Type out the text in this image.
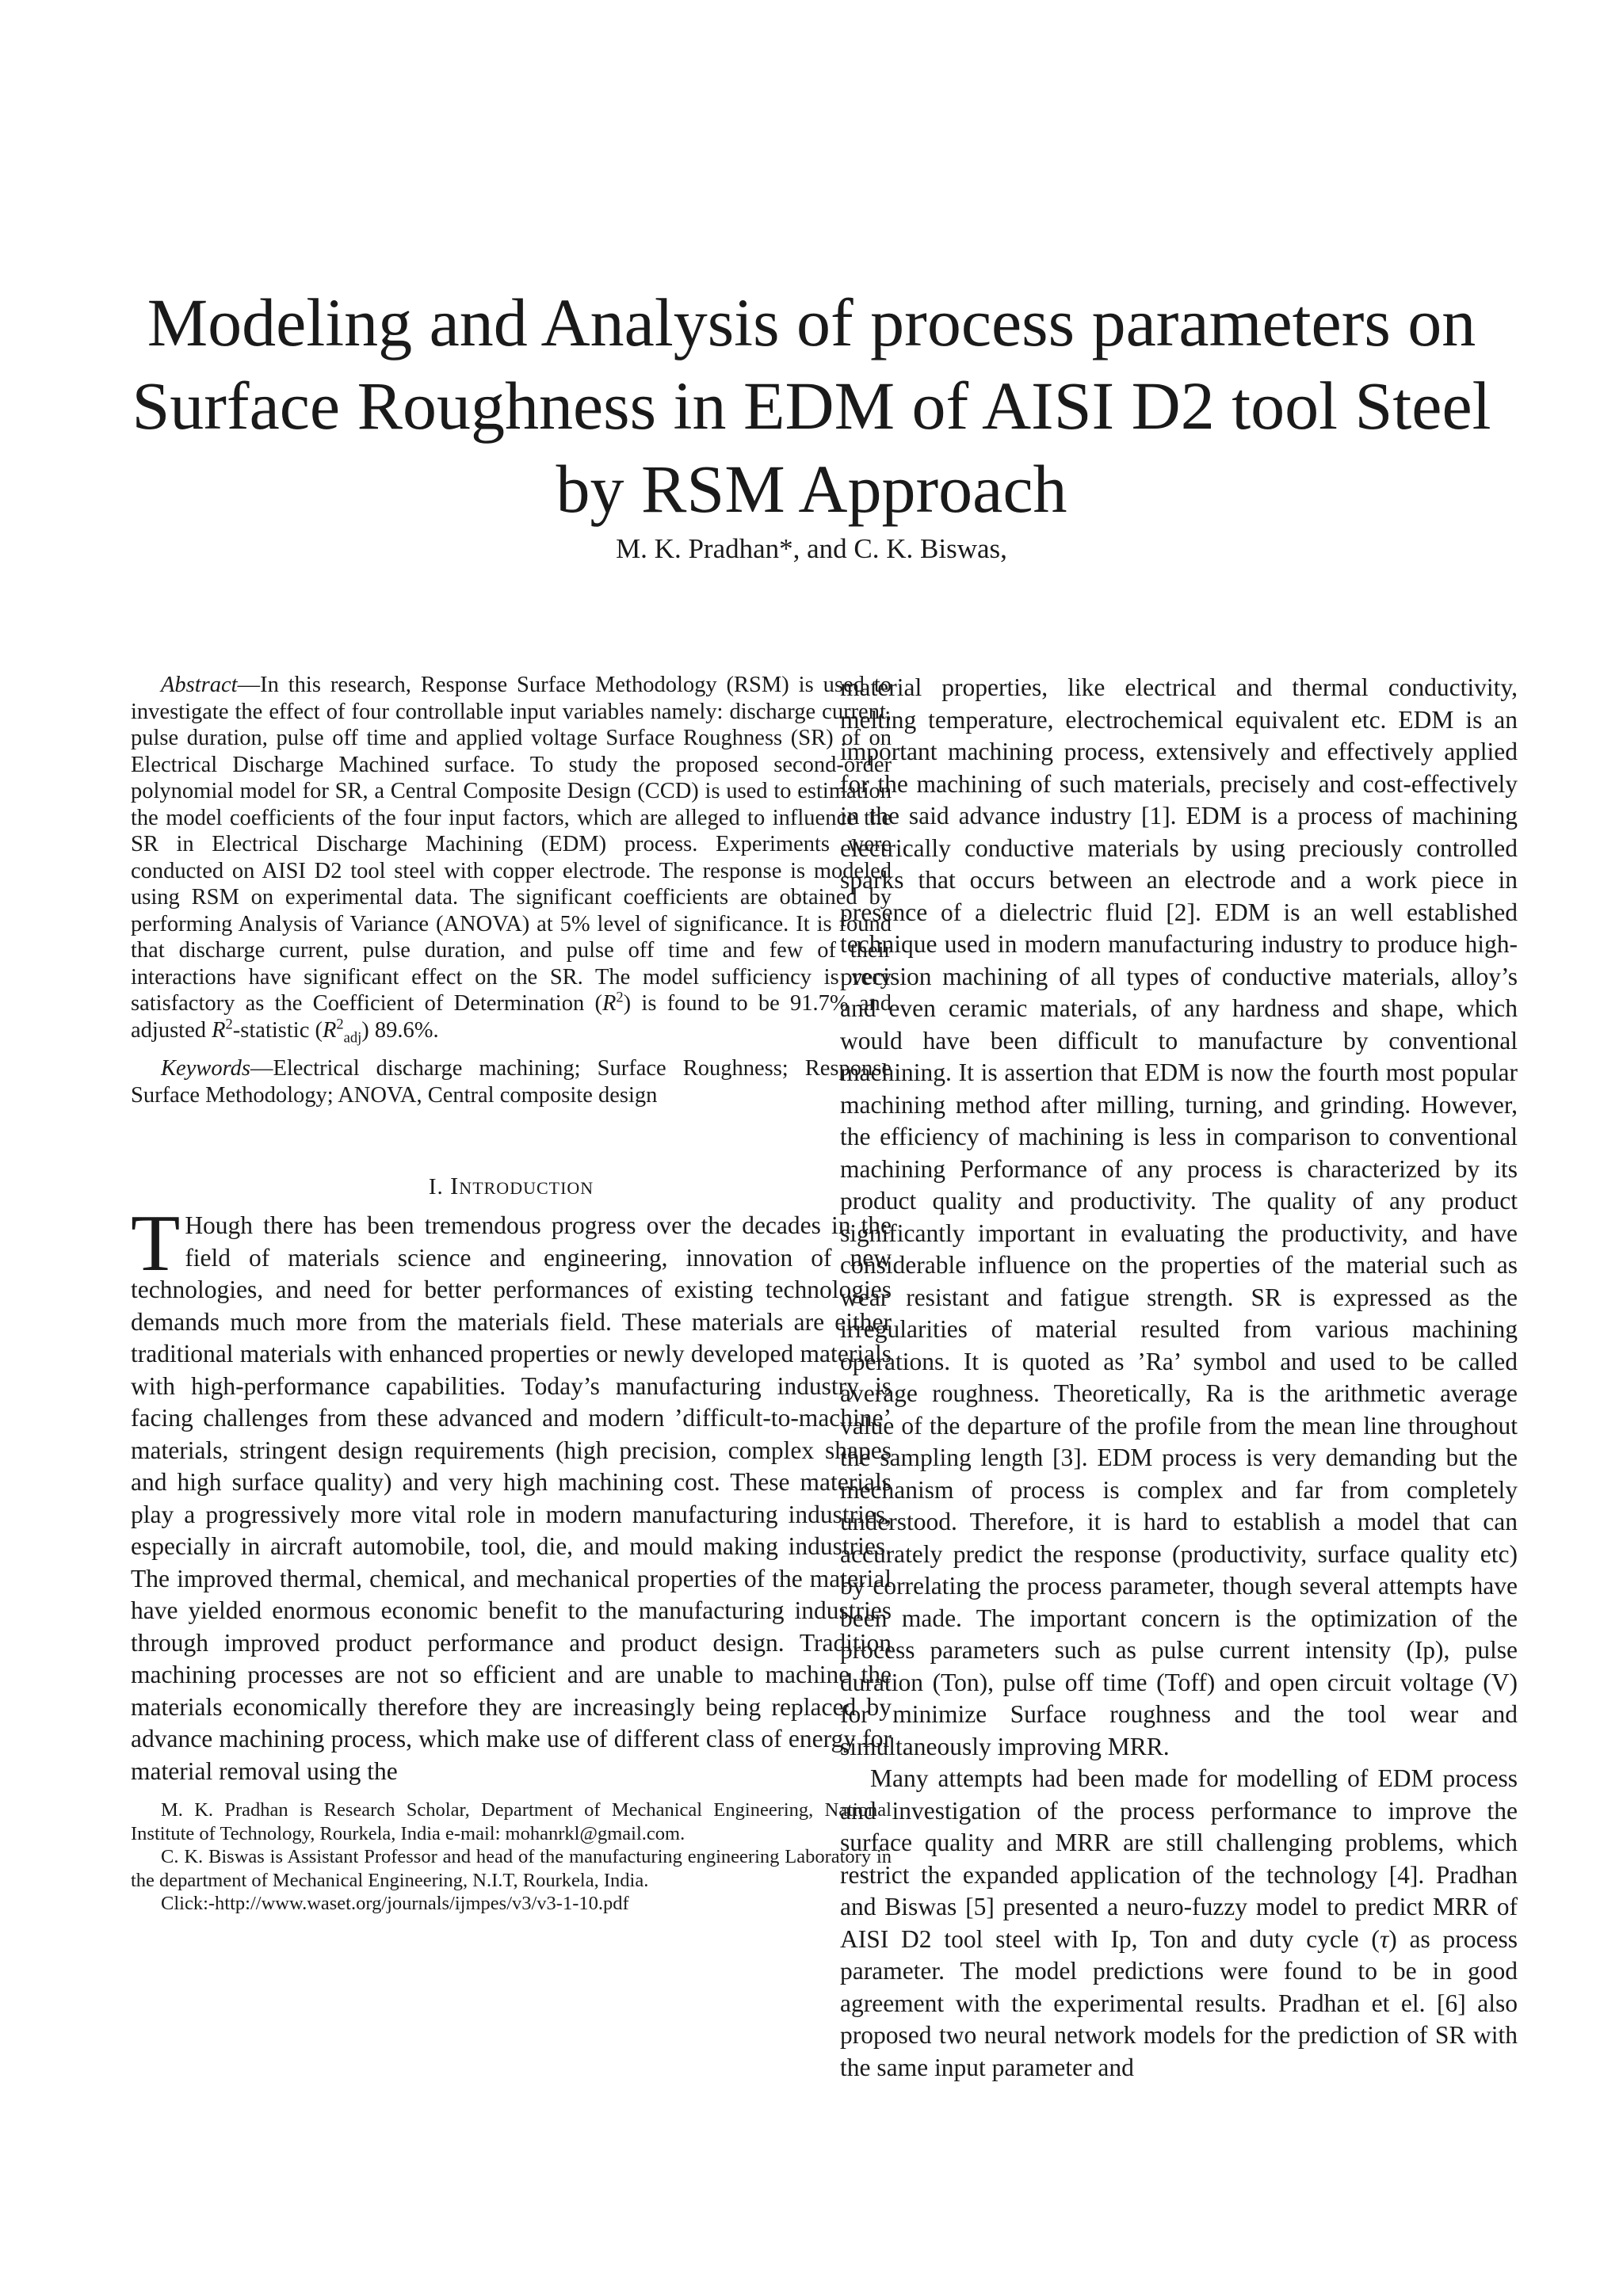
Modeling and Analysis of process parameters on
Surface Roughness in EDM of AISI D2 tool Steel
by RSM Approach
M. K. Pradhan*, and C. K. Biswas,

Abstract—In this research, Response Surface Methodology (RSM) is used to investigate the effect of four controllable input variables namely: discharge current, pulse duration, pulse off time and applied voltage Surface Roughness (SR) of on Electrical Discharge Machined surface. To study the proposed second-order polynomial model for SR, a Central Composite Design (CCD) is used to estimation the model coefficients of the four input factors, which are alleged to influence the SR in Electrical Discharge Machining (EDM) process. Experiments were conducted on AISI D2 tool steel with copper electrode. The response is modeled using RSM on experimental data. The significant coefficients are obtained by performing Analysis of Variance (ANOVA) at 5% level of significance. It is found that discharge current, pulse duration, and pulse off time and few of their interactions have significant effect on the SR. The model sufficiency is very satisfactory as the Coefficient of Determination $(R^2)$ is found to be 91.7% and adjusted $R^2$-statistic $(R^2_{adj})$ 89.6%.

Keywords—Electrical discharge machining; Surface Roughness; Response Surface Methodology; ANOVA, Central composite design

I. Introduction

T Hough there has been tremendous progress over the decades in the field of materials science and engineering, innovation of new technologies, and need for better performances of existing technologies demands much more from the materials field. These materials are either traditional materials with enhanced properties or newly developed materials with high-performance capabilities. Today’s manufacturing industry is facing challenges from these advanced and modern ’difficult-to-machine’ materials, stringent design requirements (high precision, complex shapes and high surface quality) and very high machining cost. These materials play a progressively more vital role in modern manufacturing industries, especially in aircraft automobile, tool, die, and mould making industries. The improved thermal, chemical, and mechanical properties of the material have yielded enormous economic benefit to the manufacturing industries through improved product performance and product design. Tradition machining processes are not so efficient and are unable to machine the materials economically therefore they are increasingly being replaced by advance machining process, which make use of different class of energy for material removal using the

M. K. Pradhan is Research Scholar, Department of Mechanical Engineering, National Institute of Technology, Rourkela, India e-mail: mohanrkl@gmail.com.

C. K. Biswas is Assistant Professor and head of the manufacturing engineering Laboratory in the department of Mechanical Engineering, N.I.T, Rourkela, India.

Click:-http://www.waset.org/journals/ijmpes/v3/v3-1-10.pdf

material properties, like electrical and thermal conductivity, melting temperature, electrochemical equivalent etc. EDM is an important machining process, extensively and effectively applied for the machining of such materials, precisely and cost-effectively in the said advance industry [1]. EDM is a process of machining electrically conductive materials by using preciously controlled sparks that occurs between an electrode and a work piece in presence of a dielectric fluid [2]. EDM is an well established technique used in modern manufacturing industry to produce high-precision machining of all types of conductive materials, alloy’s and even ceramic materials, of any hardness and shape, which would have been difficult to manufacture by conventional machining. It is assertion that EDM is now the fourth most popular machining method after milling, turning, and grinding. However, the efficiency of machining is less in comparison to conventional machining Performance of any process is characterized by its product quality and productivity. The quality of any product significantly important in evaluating the productivity, and have considerable influence on the properties of the material such as wear resistant and fatigue strength. SR is expressed as the irregularities of material resulted from various machining operations. It is quoted as ’Ra’ symbol and used to be called average roughness. Theoretically, Ra is the arithmetic average value of the departure of the profile from the mean line throughout the sampling length [3]. EDM process is very demanding but the mechanism of process is complex and far from completely understood. Therefore, it is hard to establish a model that can accurately predict the response (productivity, surface quality etc) by correlating the process parameter, though several attempts have been made. The important concern is the optimization of the process parameters such as pulse current intensity (Ip), pulse duration (Ton), pulse off time (Toff) and open circuit voltage (V) for minimize Surface roughness and the tool wear and simultaneously improving MRR.

Many attempts had been made for modelling of EDM process and investigation of the process performance to improve the surface quality and MRR are still challenging problems, which restrict the expanded application of the technology [4]. Pradhan and Biswas [5] presented a neuro-fuzzy model to predict MRR of AISI D2 tool steel with Ip, Ton and duty cycle (τ) as process parameter. The model predictions were found to be in good agreement with the experimental results. Pradhan et el. [6] also proposed two neural network models for the prediction of SR with the same input parameter and
